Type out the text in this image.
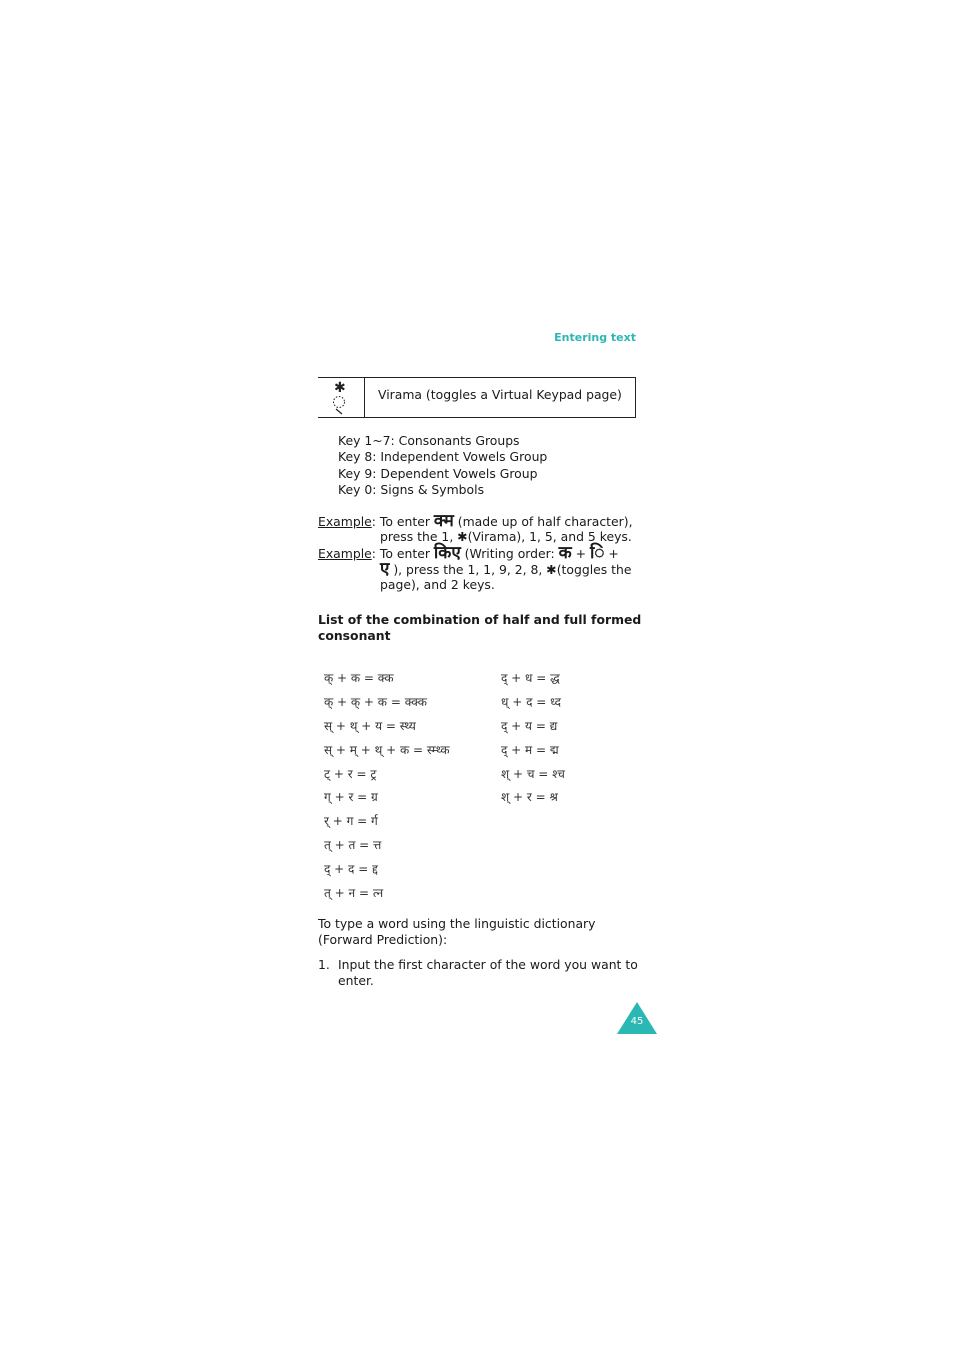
Entering text
✱	Virama (toggles a Virtual Keypad page)
Key 1~7: Consonants Groups
Key 8: Independent Vowels Group
Key 9: Dependent Vowels Group
Key 0: Signs & Symbols
Example: To enter क्म (made up of half character),
press the 1, ✱(Virama), 1, 5, and 5 keys.
Example: To enter किए (Writing order: क + ि +
ए ), press the 1, 1, 9, 2, 8, ✱(toggles the
page), and 2 keys.
List of the combination of half and full formed consonant
क् + क = क्क
क् + क् + क = क्क्क
स् + थ् + य = स्थ्य
स् + म् + थ् + क = स्म्थ्क
ट् + र = ट्र
ग् + र = ग्र
र् + ग = र्ग
त् + त = त्त
द् + द = द्द
त् + न = त्न
द् + ध = द्ध
ध् + द = ध्द
द् + य = द्य
द् + म = द्म
श् + च = श्च
श् + र = श्र
To type a word using the linguistic dictionary
(Forward Prediction):
1. Input the first character of the word you want to
enter.
45
